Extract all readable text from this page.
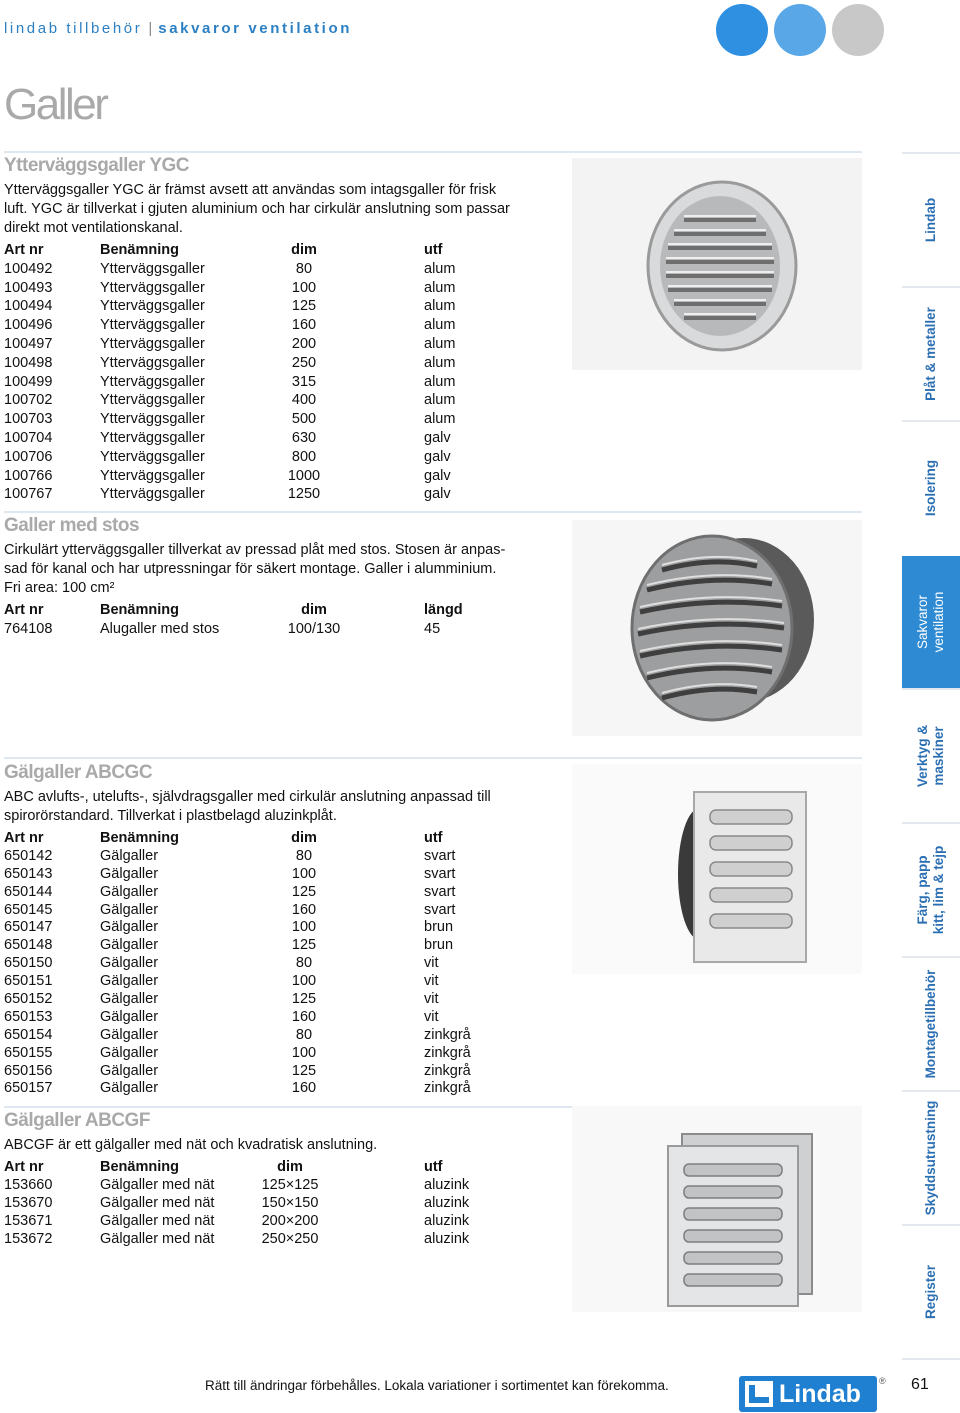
lindab tillbehör | sakvaror ventilation
Galler
Ytterväggsgaller YGC
Ytterväggsgaller YGC är främst avsett att användas som intagsgaller för frisk
luft. YGC är tillverkat i gjuten aluminium och har cirkulär anslutning som passar
direkt mot ventilationskanal.
Art nr	Benämning	dim	utf
100492	Ytterväggsgaller	80	alum
100493	Ytterväggsgaller	100	alum
100494	Ytterväggsgaller	125	alum
100496	Ytterväggsgaller	160	alum
100497	Ytterväggsgaller	200	alum
100498	Ytterväggsgaller	250	alum
100499	Ytterväggsgaller	315	alum
100702	Ytterväggsgaller	400	alum
100703	Ytterväggsgaller	500	alum
100704	Ytterväggsgaller	630	galv
100706	Ytterväggsgaller	800	galv
100766	Ytterväggsgaller	1000	galv
100767	Ytterväggsgaller	1250	galv
Galler med stos
Cirkulärt ytterväggsgaller tillverkat av pressad plåt med stos. Stosen är anpas-
sad för kanal och har utpressningar för säkert montage. Galler i alumminium.
Fri area: 100 cm²
Art nr	Benämning	dim	längd
764108	Alugaller med stos	100/130	45
Gälgaller ABCGC
ABC avlufts-, utelufts-, självdragsgaller med cirkulär anslutning anpassad till
spirorörstandard. Tillverkat i plastbelagd aluzinkplåt.
Art nr	Benämning	dim	utf
650142	Gälgaller	80	svart
650143	Gälgaller	100	svart
650144	Gälgaller	125	svart
650145	Gälgaller	160	svart
650147	Gälgaller	100	brun
650148	Gälgaller	125	brun
650150	Gälgaller	80	vit
650151	Gälgaller	100	vit
650152	Gälgaller	125	vit
650153	Gälgaller	160	vit
650154	Gälgaller	80	zinkgrå
650155	Gälgaller	100	zinkgrå
650156	Gälgaller	125	zinkgrå
650157	Gälgaller	160	zinkgrå
Gälgaller ABCGF
ABCGF är ett gälgaller med nät och kvadratisk anslutning.
Art nr	Benämning	dim	utf
153660	Gälgaller med nät	125×125	aluzink
153670	Gälgaller med nät	150×150	aluzink
153671	Gälgaller med nät	200×200	aluzink
153672	Gälgaller med nät	250×250	aluzink
Lindab
Plåt & metaller
Isolering
Sakvaror ventilation
Verktyg & maskiner
Färg, papp kitt, lim & tejp
Montagetillbehör
Skyddsutrustning
Register
Rätt till ändringar förbehålles. Lokala variationer i sortimentet kan förekomma.	Lindab ® 61
